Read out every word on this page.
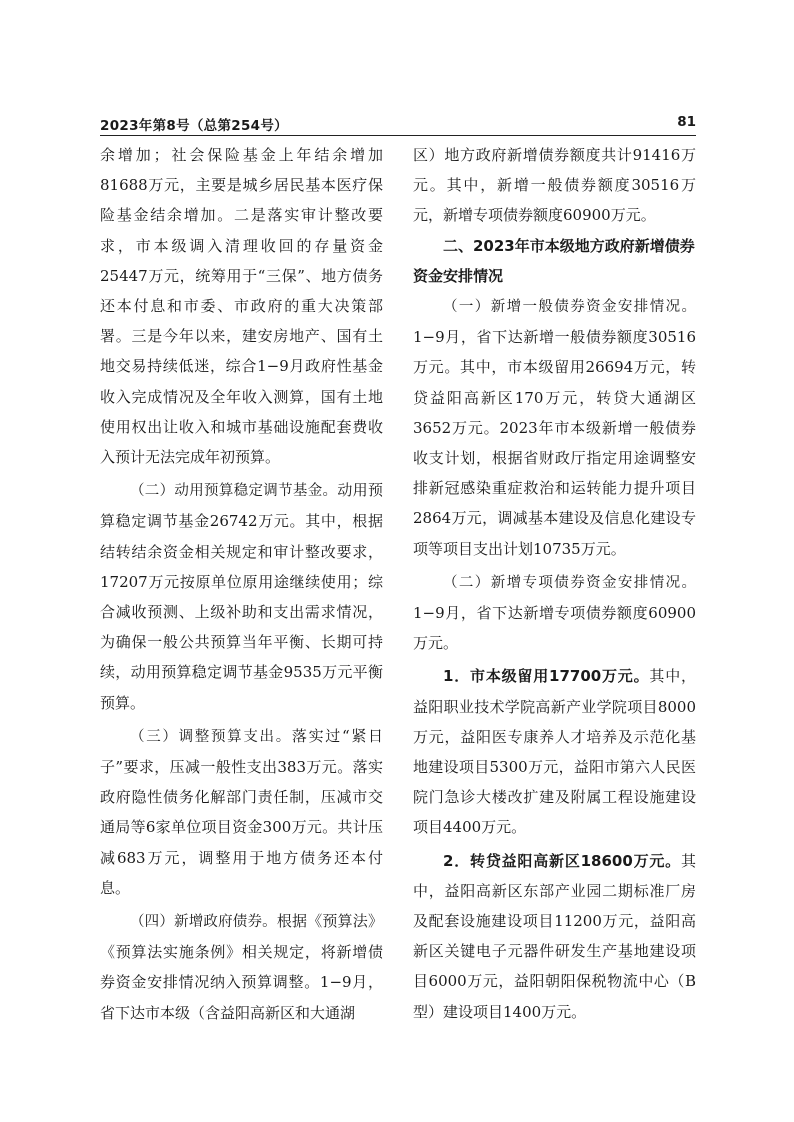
2023年第8号（总第254号）	81

余增加；社会保险基金上年结余增加81688万元，主要是城乡居民基本医疗保险基金结余增加。二是落实审计整改要求，市本级调入清理收回的存量资金25447万元，统筹用于“三保”、地方债务还本付息和市委、市政府的重大决策部署。三是今年以来，建安房地产、国有土地交易持续低迷，综合1−9月政府性基金收入完成情况及全年收入测算，国有土地使用权出让收入和城市基础设施配套费收入预计无法完成年初预算。

（二）动用预算稳定调节基金。动用预算稳定调节基金26742万元。其中，根据结转结余资金相关规定和审计整改要求，17207万元按原单位原用途继续使用；综合减收预测、上级补助和支出需求情况，为确保一般公共预算当年平衡、长期可持续，动用预算稳定调节基金9535万元平衡预算。

（三）调整预算支出。落实过“紧日子”要求，压减一般性支出383万元。落实政府隐性债务化解部门责任制，压减市交通局等6家单位项目资金300万元。共计压减683万元，调整用于地方债务还本付息。

（四）新增政府债券。根据《预算法》《预算法实施条例》相关规定，将新增债券资金安排情况纳入预算调整。1−9月，省下达市本级（含益阳高新区和大通湖

区）地方政府新增债券额度共计91416万元。其中，新增一般债券额度30516万元，新增专项债券额度60900万元。

二、2023年市本级地方政府新增债券资金安排情况

（一）新增一般债券资金安排情况。1−9月，省下达新增一般债券额度30516万元。其中，市本级留用26694万元，转贷益阳高新区170万元，转贷大通湖区3652万元。2023年市本级新增一般债券收支计划，根据省财政厅指定用途调整安排新冠感染重症救治和运转能力提升项目2864万元，调减基本建设及信息化建设专项等项目支出计划10735万元。

（二）新增专项债券资金安排情况。1−9月，省下达新增专项债券额度60900万元。

1．市本级留用17700万元。其中，益阳职业技术学院高新产业学院项目8000万元，益阳医专康养人才培养及示范化基地建设项目5300万元，益阳市第六人民医院门急诊大楼改扩建及附属工程设施建设项目4400万元。

2．转贷益阳高新区18600万元。其中，益阳高新区东部产业园二期标准厂房及配套设施建设项目11200万元，益阳高新区关键电子元器件研发生产基地建设项目6000万元，益阳朝阳保税物流中心（B型）建设项目1400万元。
